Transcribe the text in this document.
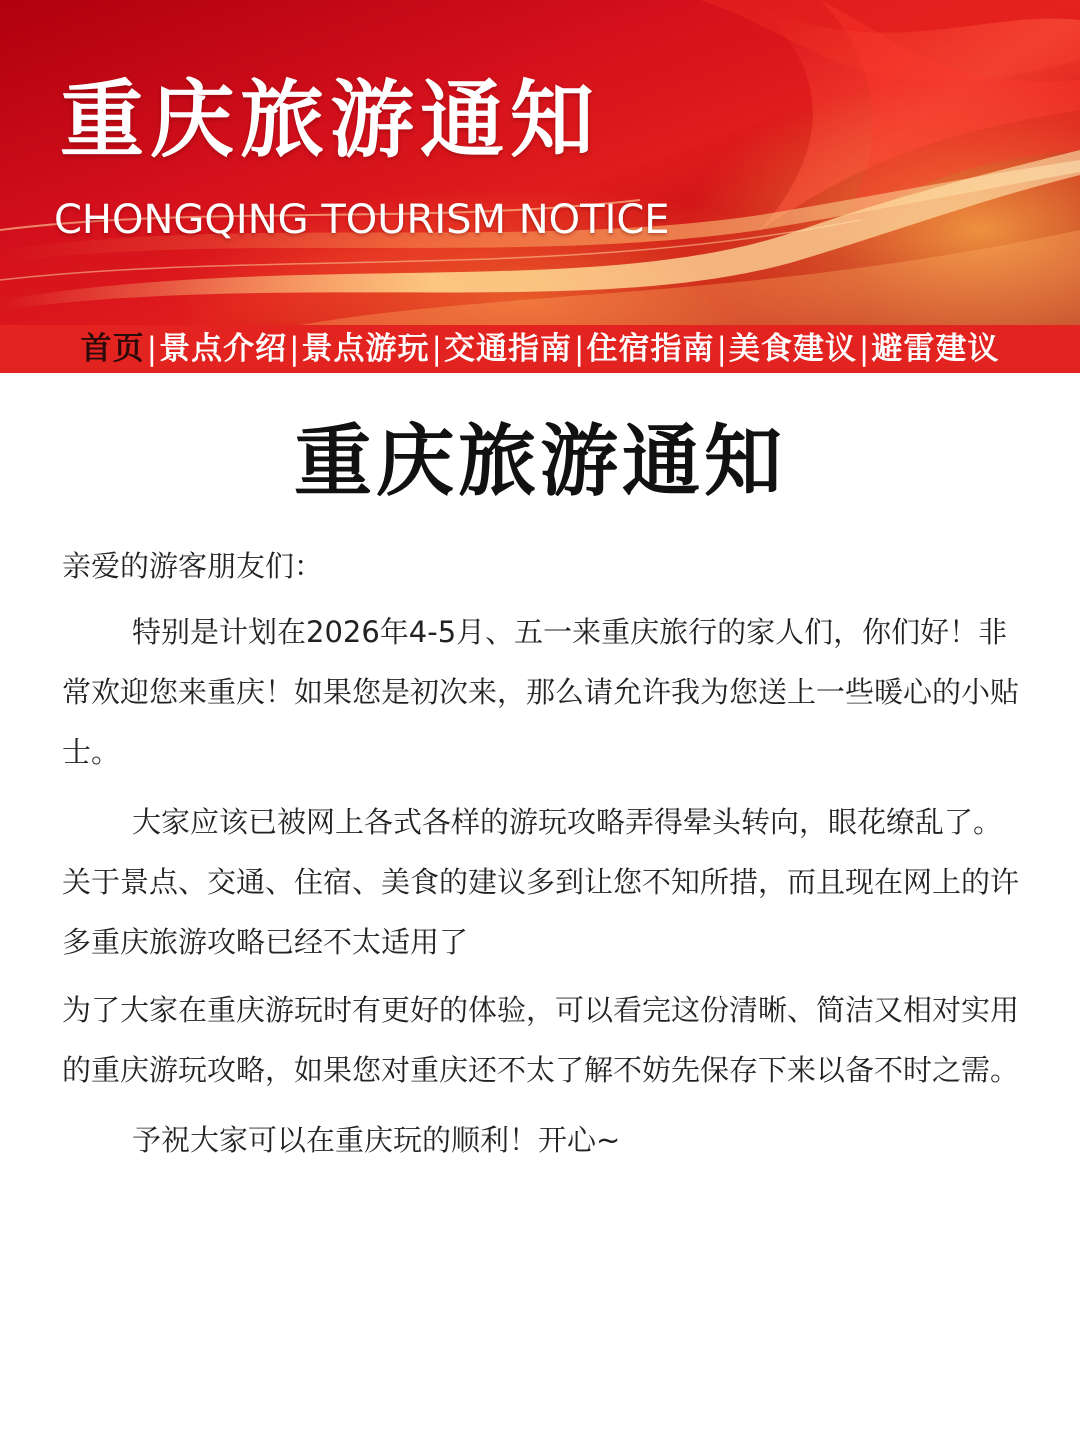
重庆旅游通知
CHONGQING TOURISM NOTICE
首页 | 景点介绍 | 景点游玩 | 交通指南 | 住宿指南 | 美食建议 | 避雷建议
重庆旅游通知

亲爱的游客朋友们：

特别是计划在2026年4-5月、五一来重庆旅行的家人们，你们好！非常欢迎您来重庆！如果您是初次来，那么请允许我为您送上一些暖心的小贴士。

大家应该已被网上各式各样的游玩攻略弄得晕头转向，眼花缭乱了。关于景点、交通、住宿、美食的建议多到让您不知所措，而且现在网上的许多重庆旅游攻略已经不太适用了

为了大家在重庆游玩时有更好的体验，可以看完这份清晰、简洁又相对实用的重庆游玩攻略，如果您对重庆还不太了解不妨先保存下来以备不时之需。

予祝大家可以在重庆玩的顺利！开心~
